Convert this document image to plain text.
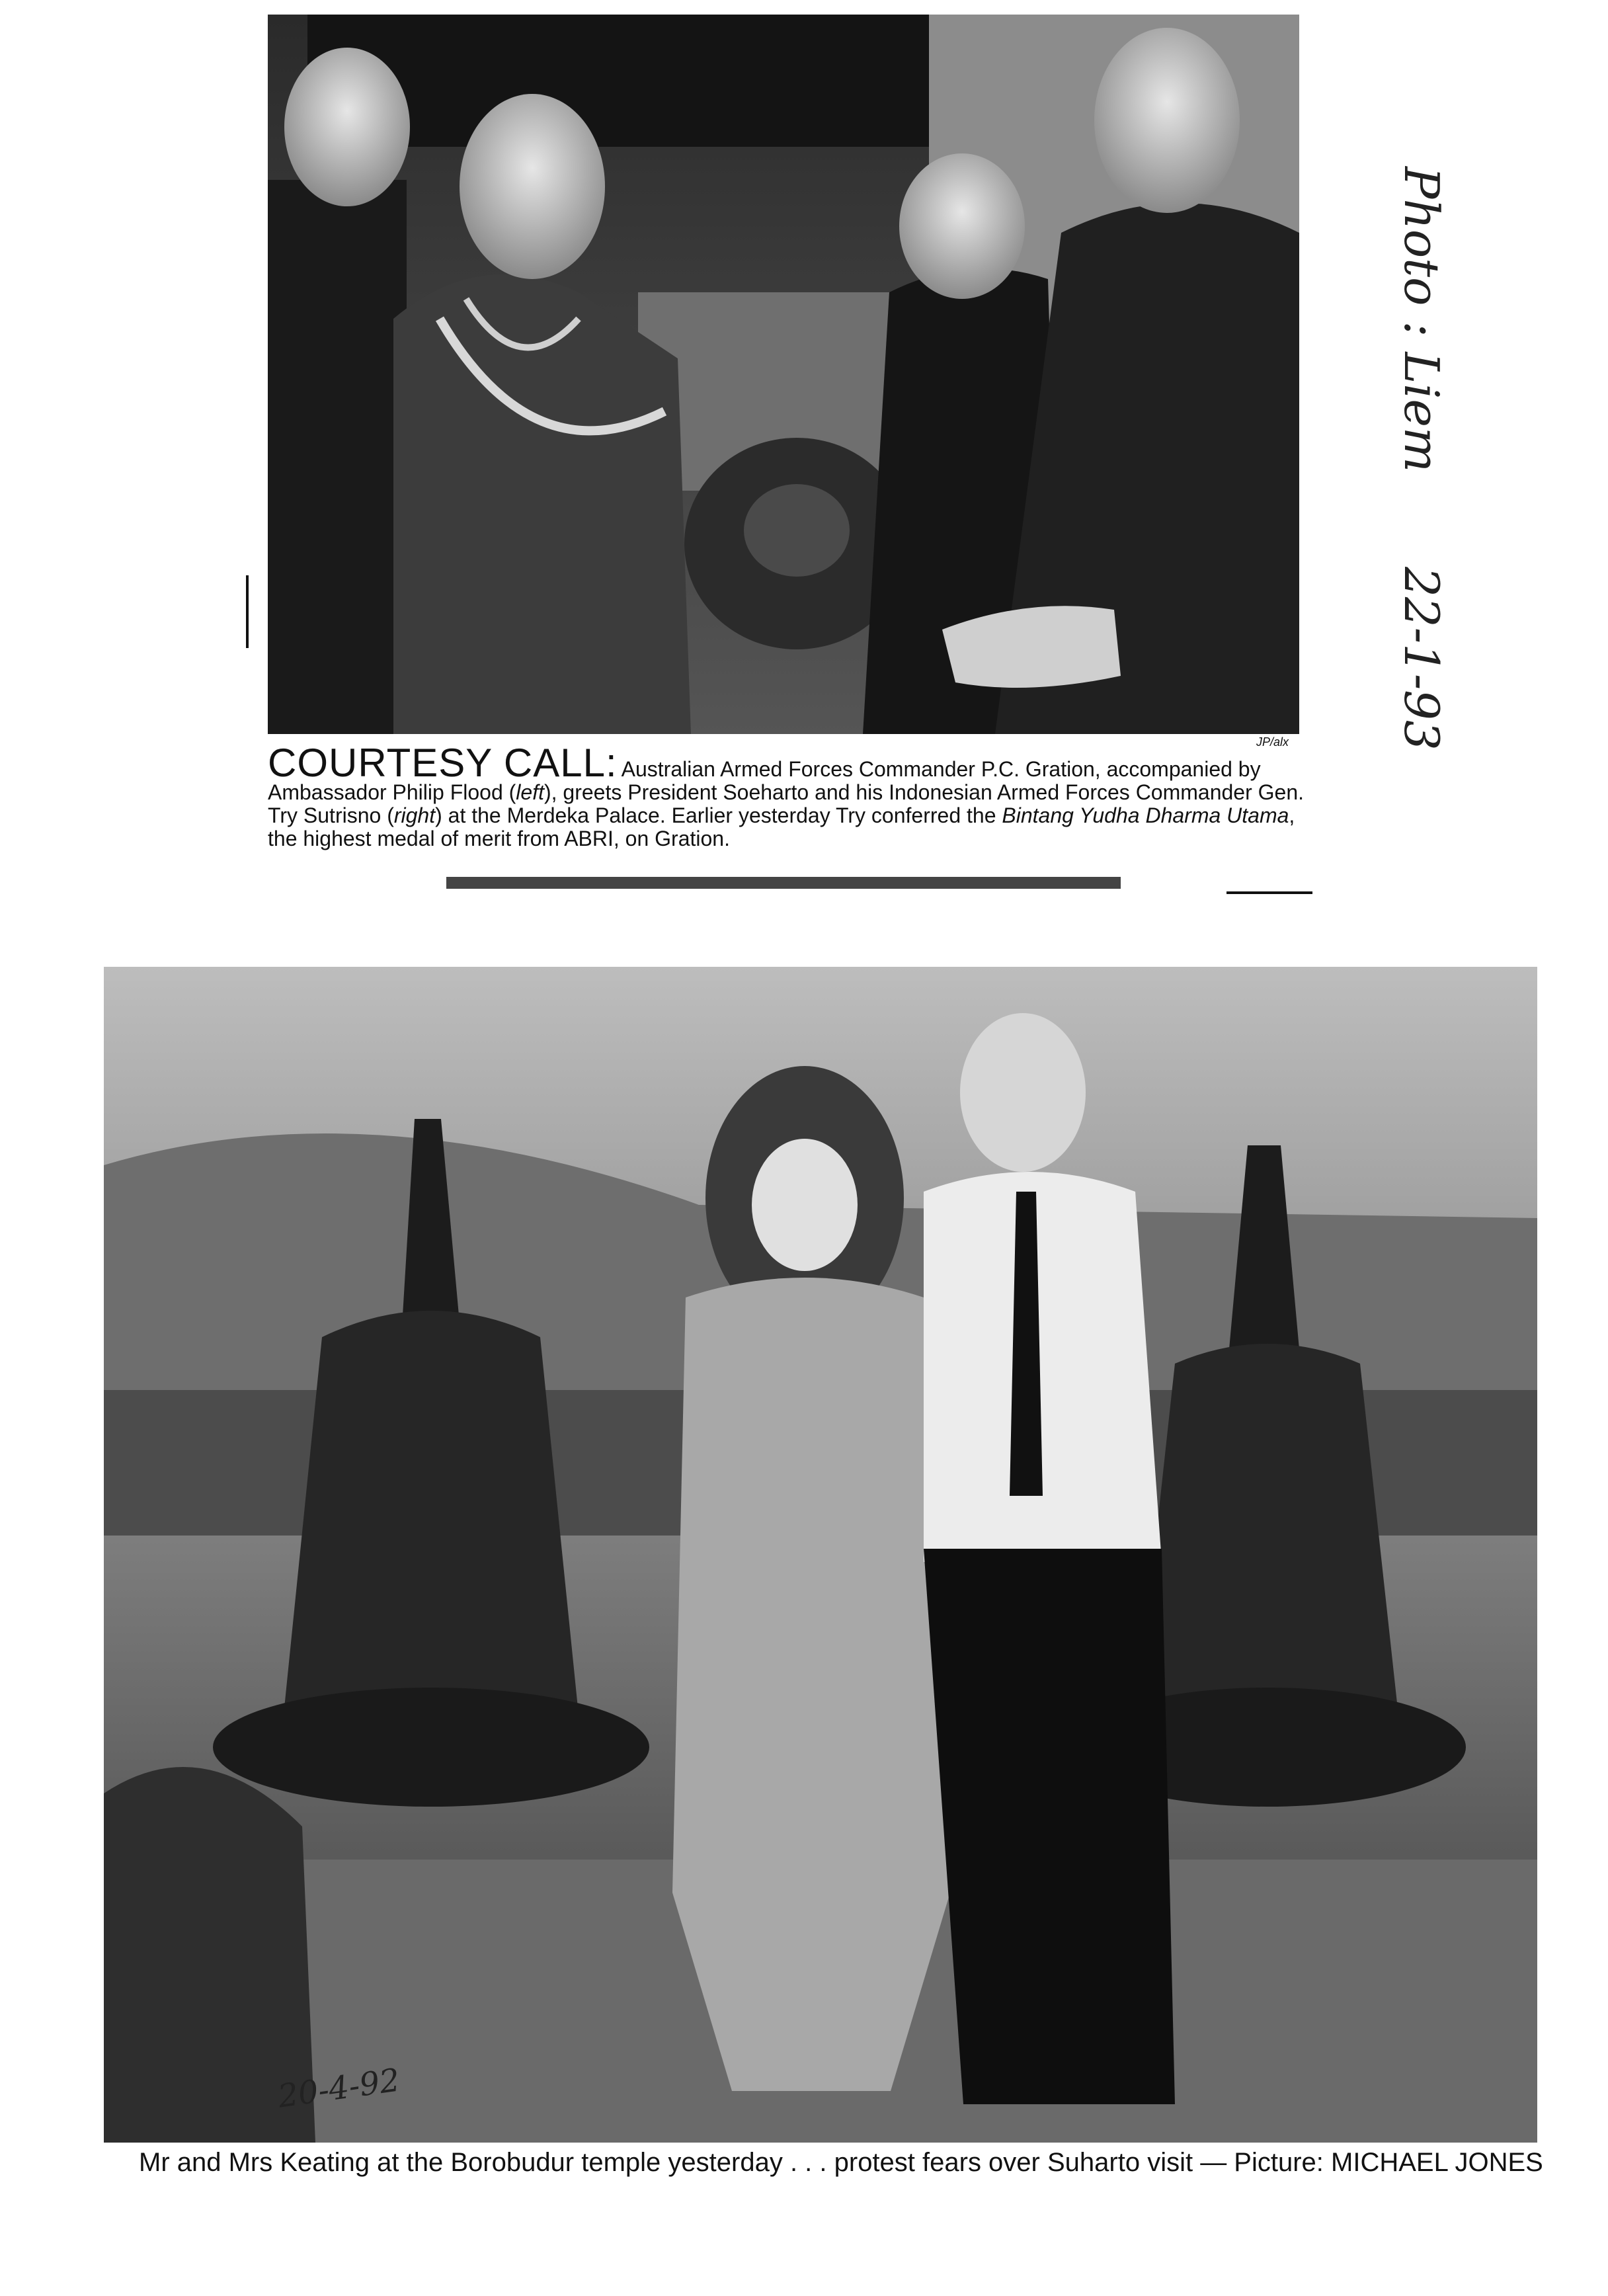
JP/alx
COURTESY CALL: Australian Armed Forces Commander P.C. Gration, accompanied by Ambassador Philip Flood (left), greets President Soeharto and his Indonesian Armed Forces Commander Gen. Try Sutrisno (right) at the Merdeka Palace. Earlier yesterday Try conferred the Bintang Yudha Dharma Utama, the highest medal of merit from ABRI, on Gration.
Photo : Liem 22-1-93
20-4-92
Mr and Mrs Keating at the Borobudur temple yesterday . . . protest fears over Suharto visit — Picture: MICHAEL JONES
